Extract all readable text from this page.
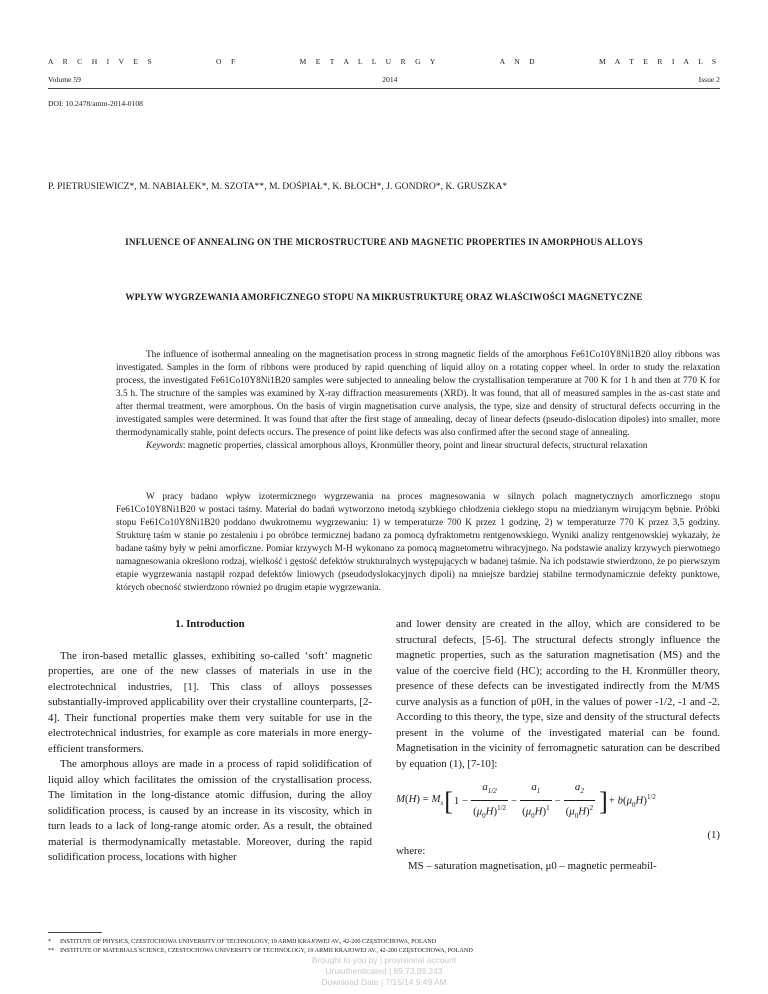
A R C H I V E S	O F	M E T A L L U R G Y	A N D	M A T E R I A L S
Volume 59	2014	Issue 2
DOI: 10.2478/amm-2014-0108
P. PIETRUSIEWICZ*, M. NABIAŁEK*, M. SZOTA**, M. DOŚPIAŁ*, K. BŁOCH*, J. GONDRO*, K. GRUSZKA*
INFLUENCE OF ANNEALING ON THE MICROSTRUCTURE AND MAGNETIC PROPERTIES IN AMORPHOUS ALLOYS
WPŁYW WYGRZEWANIA AMORFICZNEGO STOPU NA MIKRUSTRUKTURĘ ORAZ WŁAŚCIWOŚCI MAGNETYCZNE

The influence of isothermal annealing on the magnetisation process in strong magnetic fields of the amorphous Fe61Co10Y8Ni1B20 alloy ribbons was investigated. Samples in the form of ribbons were produced by rapid quenching of liquid alloy on a rotating copper wheel. In order to study the relaxation process, the investigated Fe61Co10Y8Ni1B20 samples were subjected to annealing below the crystallisation temperature at 700 K for 1 h and then at 770 K for 3.5 h. The structure of the samples was examined by X-ray diffraction measurements (XRD). It was found, that all of measured samples in the as-cast state and after thermal treatment, were amorphous. On the basis of virgin magnetisation curve analysis, the type, size and density of structural defects occurring in the investigated samples were determined. It was found that after the first stage of annealing, decay of linear defects (pseudo-dislocation dipoles) into smaller, more thermodynamically stable, point defects occurs. The presence of point like defects was also confirmed after the second stage of annealing.

Keywords: magnetic properties, classical amorphous alloys, Kronmüller theory, point and linear structural defects, structural relaxation

W pracy badano wpływ izotermicznego wygrzewania na proces magnesowania w silnych polach magnetycznych amorficznego stopu Fe61Co10Y8Ni1B20 w postaci taśmy. Materiał do badań wytworzono metodą szybkiego chłodzenia ciekłego stopu na miedzianym wirującym bębnie. Próbki stopu Fe61Co10Y8Ni1B20 poddano dwukrotnemu wygrzewaniu: 1) w temperaturze 700 K przez 1 godzinę, 2) w temperaturze 770 K przez 3,5 godziny. Strukturę taśm w stanie po zestaleniu i po obróbce termicznej badano za pomocą dyfraktometru rentgenowskiego. Wyniki analizy rentgenowskiej wykazały, że badane taśmy były w pełni amorficzne. Pomiar krzywych M-H wykonano za pomocą magnetometru wibracyjnego. Na podstawie analizy krzywych pierwotnego namagnesowania określono rodzaj, wielkość i gęstość defektów strukturalnych występujących w badanej taśmie. Na ich podstawie stwierdzono, że po pierwszym etapie wygrzewania nastąpił rozpad defektów liniowych (pseudodyslokacyjnych dipoli) na mniejsze bardziej stabilne termodynamicznie defekty punktowe, których obecność stwierdzono również po drugim etapie wygrzewania.

1. Introduction

The iron-based metallic glasses, exhibiting so-called ‘soft’ magnetic properties, are one of the new classes of materials in use in the electrotechnical industries, [1]. This class of alloys possesses substantially-improved applicability over their crystalline counterparts, [2-4]. Their functional properties make them very suitable for use in the electrotechnical industries, for example as core materials in more energy-efficient transformers.

The amorphous alloys are made in a process of rapid solidification of liquid alloy which facilitates the omission of the crystallisation process. The limitation in the long-distance atomic diffusion, during the alloy solidification process, is caused by an increase in its viscosity, which in turn leads to a lack of long-range atomic order. As a result, the obtained material is thermodynamically metastable. Moreover, during the rapid solidification process, locations with higher

and lower density are created in the alloy, which are considered to be structural defects, [5-6]. The structural defects strongly influence the magnetic properties, such as the saturation magnetisation (MS) and the value of the coercive field (HC); according to the H. Kronmüller theory, presence of these defects can be investigated indirectly from the M/MS curve analysis as a function of μ0H, in the values of power -1/2, -1 and -2. According to this theory, the type, size and density of the structural defects present in the volume of the investigated material can be found. Magnetisation in the vicinity of ferromagnetic saturation can be described by equation (1), [7-10]:

$M(H) = M_s$ [ $1 - \frac{a_{1/2}}{(\mu_0H)^{1/2}} - \frac{a_1}{(\mu_0H)^1} - \frac{a_2}{(\mu_0H)^2}$ ] + $b(\mu_0H)^{1/2}$

(1)

where:

MS – saturation magnetisation, μ0 – magnetic permeabil-

* INSTITUTE OF PHYSICS, CZESTOCHOWA UNIVERSITY OF TECHNOLOGY, 19 ARMII KRAJOWEJ AV., 42-200 CZĘSTOCHOWA, POLAND
** INSTITUTE OF MATERIALS SCIENCE, CZESTOCHOWA UNIVERSITY OF TECHNOLOGY, 19 ARMII KRAJOWEJ AV., 42-200 CZĘSTOCHOWA, POLAND
Brought to you by | provisional account
Unauthenticated | 89.73.89.243
Download Date | 7/15/14 9:49 AM
